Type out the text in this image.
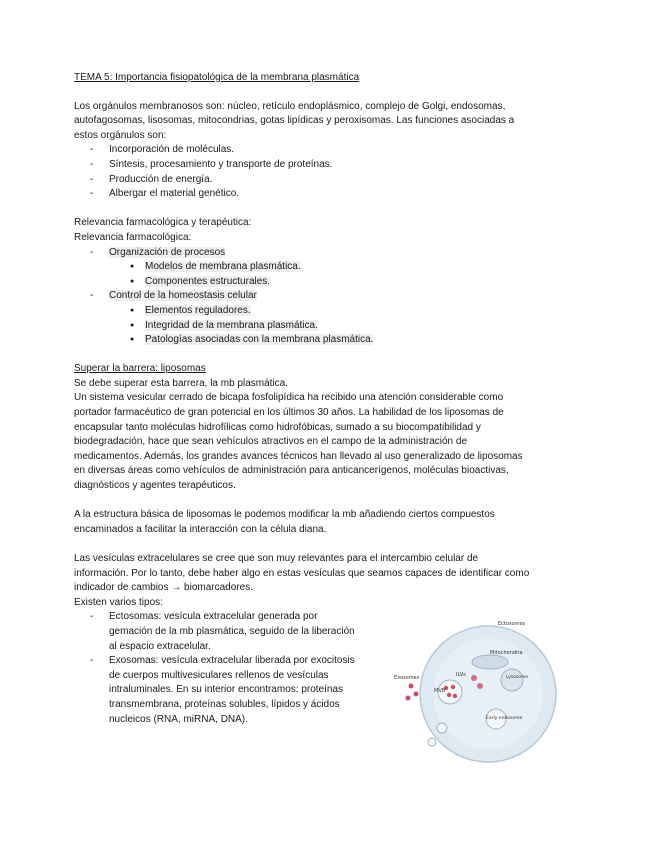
TEMA 5: Importancia fisiopatológica de la membrana plasmática
Los orgánulos membranosos son: núcleo, retículo endoplásmico, complejo de Golgi, endosomas, autofagosomas, lisosomas, mitocondrias, gotas lipídicas y peroxisomas. Las funciones asociadas a estos orgánulos son:
- Incorporación de moléculas.
- Síntesis, procesamiento y transporte de proteínas.
- Producción de energía.
- Albergar el material genético.
Relevancia farmacológica y terapéutica:
Relevancia farmacológica:
- Organización de procesos
● Modelos de membrana plasmática.
● Componentes estructurales.
- Control de la homeostasis celular
● Elementos reguladores.
● Integridad de la membrana plasmática.
● Patologías asociadas con la membrana plasmática.
Superar la barrera: liposomas
Se debe superar esta barrera, la mb plasmática.
Un sistema vesicular cerrado de bicapa fosfolipídica ha recibido una atención considerable como portador farmacéutico de gran potencial en los últimos 30 años. La habilidad de los liposomas de encapsular tanto moléculas hidrofílicas como hidrofóbicas, sumado a su biocompatibilidad y biodegradación, hace que sean vehículos atractivos en el campo de la administración de medicamentos. Además, los grandes avances técnicos han llevado al uso generalizado de liposomas en diversas áreas como vehículos de administración para anticancerígenos, moléculas bioactivas, diagnósticos y agentes terapéuticos.
A la estructura básica de liposomas le podemos modificar la mb añadiendo ciertos compuestos encaminados a facilitar la interacción con la célula diana.
Las vesículas extracelulares se cree que son muy relevantes para el intercambio celular de información. Por lo tanto, debe haber algo en estas vesículas que seamos capaces de identificar como indicador de cambios → biomarcadores.
Existen varios tipos:
- Ectosomas: vesícula extracelular generada por gemación de la mb plasmática, seguido de la liberación al espacio extracelular.
- Exosomas: vesícula extracelular liberada por exocitosis de cuerpos multivesiculares rellenos de vesículas intraluminales. En su interior encontramos: proteínas transmembrana, proteínas solubles, lípidos y ácidos nucleicos (RNA, miRNA, DNA).
Ectosomes
Mitochondria
ILVs	Lysosome
Exosomes
MVB
Early endosome
